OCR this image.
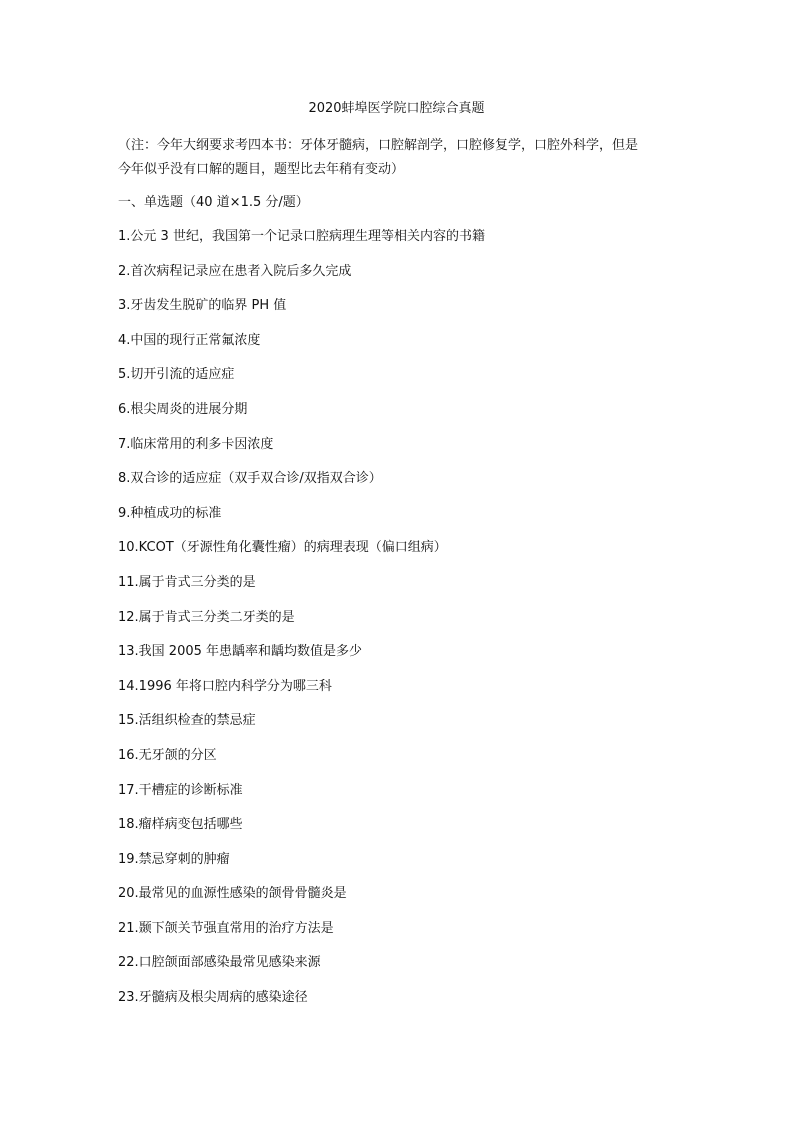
2020蚌埠医学院口腔综合真题
（注：今年大纲要求考四本书：牙体牙髓病，口腔解剖学，口腔修复学，口腔外科学，但是
今年似乎没有口解的题目，题型比去年稍有变动）
一、单选题（40 道×1.5 分/题）
1.公元 3 世纪，我国第一个记录口腔病理生理等相关内容的书籍
2.首次病程记录应在患者入院后多久完成
3.牙齿发生脱矿的临界 PH 值
4.中国的现行正常氟浓度
5.切开引流的适应症
6.根尖周炎的进展分期
7.临床常用的利多卡因浓度
8.双合诊的适应症（双手双合诊/双指双合诊）
9.种植成功的标准
10.KCOT（牙源性角化囊性瘤）的病理表现（偏口组病）
11.属于肯式三分类的是
12.属于肯式三分类二牙类的是
13.我国 2005 年患龋率和龋均数值是多少
14.1996 年将口腔内科学分为哪三科
15.活组织检查的禁忌症
16.无牙颌的分区
17.干槽症的诊断标准
18.瘤样病变包括哪些
19.禁忌穿刺的肿瘤
20.最常见的血源性感染的颌骨骨髓炎是
21.颞下颌关节强直常用的治疗方法是
22.口腔颌面部感染最常见感染来源
23.牙髓病及根尖周病的感染途径
